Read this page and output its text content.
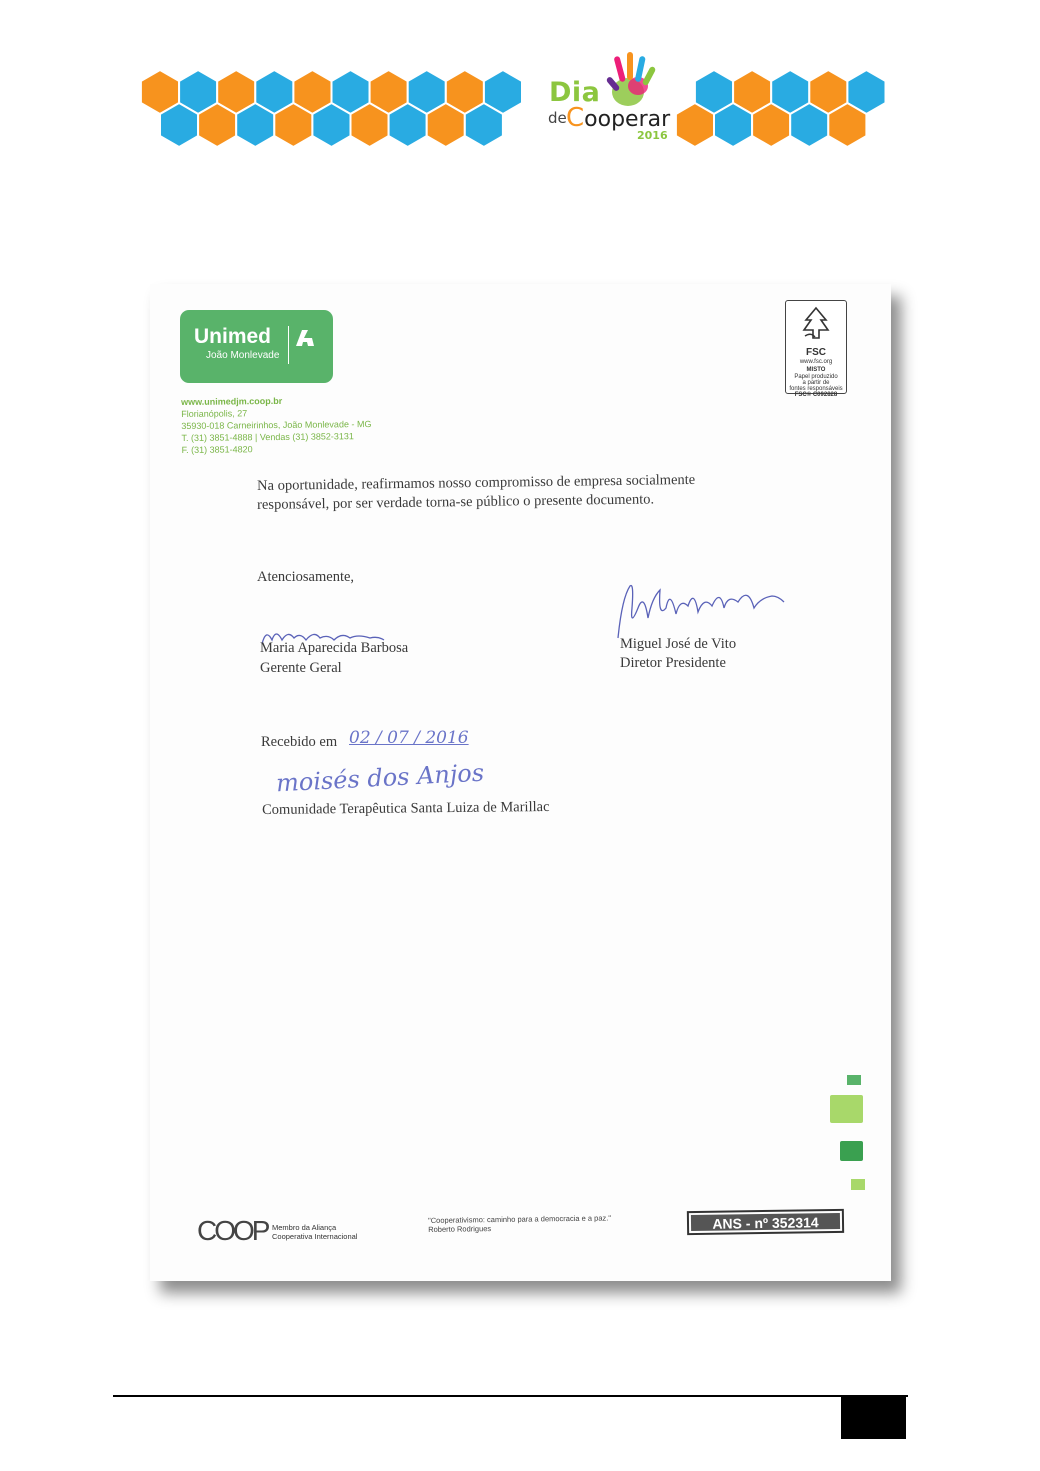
Dia
de Cooperar
2016
Unimed
João Monlevade
www.unimedjm.coop.br
Florianópolis, 27
35930-018 Carneirinhos, João Monlevade - MG
T. (31) 3851-4888 | Vendas (31) 3852-3131
F. (31) 3851-4820
FSC
www.fsc.org
MISTO
Papel produzido
a partir de
fontes responsáveis
FSC® C092828
Na oportunidade, reafirmamos nosso compromisso de empresa socialmente
responsável, por ser verdade torna-se público o presente documento.
Atenciosamente,
Maria Aparecida Barbosa
Gerente Geral
Miguel José de Vito
Diretor Presidente
Recebido em 02 / 07 / 2016
moisés dos Anjos
Comunidade Terapêutica Santa Luiza de Marillac
COOP Membro da Aliança
Cooperativa Internacional
"Cooperativismo: caminho para a democracia e a paz."
Roberto Rodrigues	ANS - nº 352314
